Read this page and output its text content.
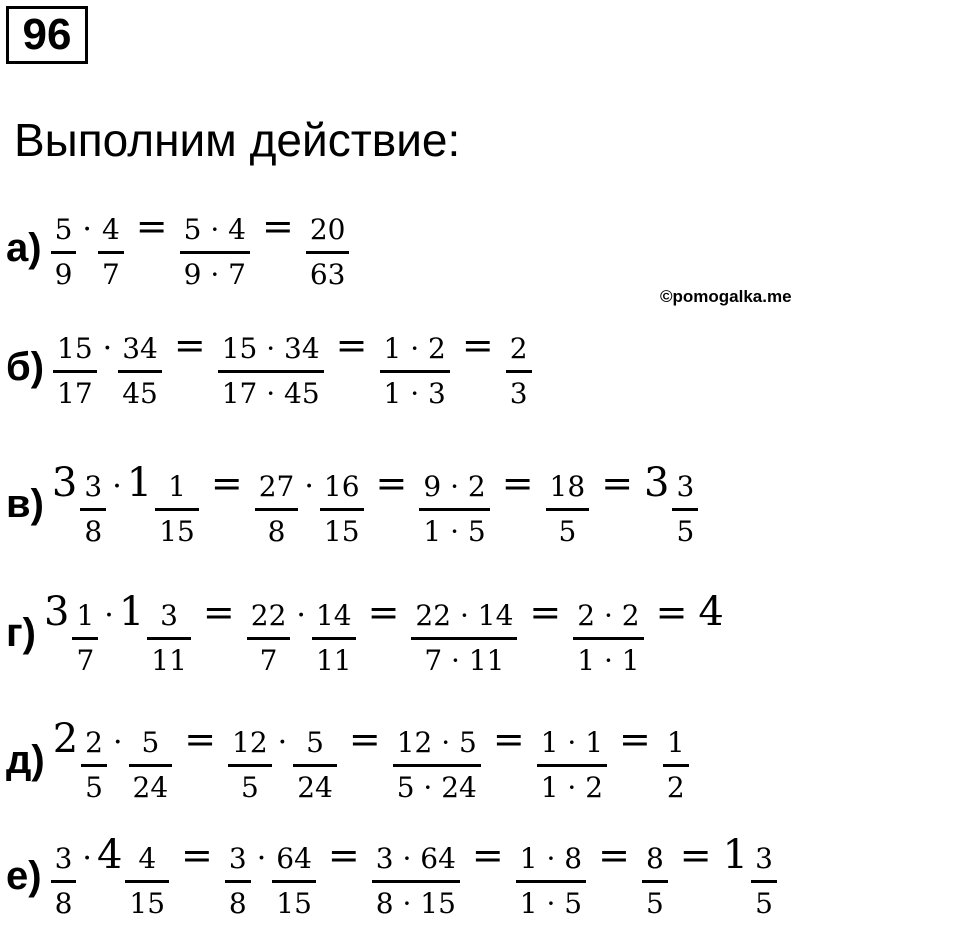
96
Выполним действие:
©pomogalka.me
$а) \frac{5}{9} \cdot \frac{4}{7} = \frac{5 \cdot 4}{9 \cdot 7} = \frac{20}{63}$
$б) \frac{15}{17} \cdot \frac{34}{45} = \frac{15 \cdot 34}{17 \cdot 45} = \frac{1 \cdot 2}{1 \cdot 3} = \frac{2}{3}$
в) $3 \frac{3}{8} \cdot 1 \frac{1}{15} = \frac{27}{8} \cdot \frac{16}{15} = \frac{9 \cdot 2}{1 \cdot 5} = \frac{18}{5} = 3 \frac{3}{5}$
г) $3 \frac{1}{7} \cdot 1 \frac{3}{11} = \frac{22}{7} \cdot \frac{14}{11} = \frac{22 \cdot 14}{7 \cdot 11} = \frac{2 \cdot 2}{1 \cdot 1} = 4$
д) $2 \frac{2}{5} \cdot \frac{5}{24} = \frac{12}{5} \cdot \frac{5}{24} = \frac{12 \cdot 5}{5 \cdot 24} = \frac{1 \cdot 1}{1 \cdot 2} = \frac{1}{2}$
$е) \frac{3}{8} \cdot 4 \frac{4}{15} = \frac{3}{8} \cdot \frac{64}{15} = \frac{3 \cdot 64}{8 \cdot 15} = \frac{1 \cdot 8}{1 \cdot 5} = \frac{8}{5} = 1 \frac{3}{5}$
